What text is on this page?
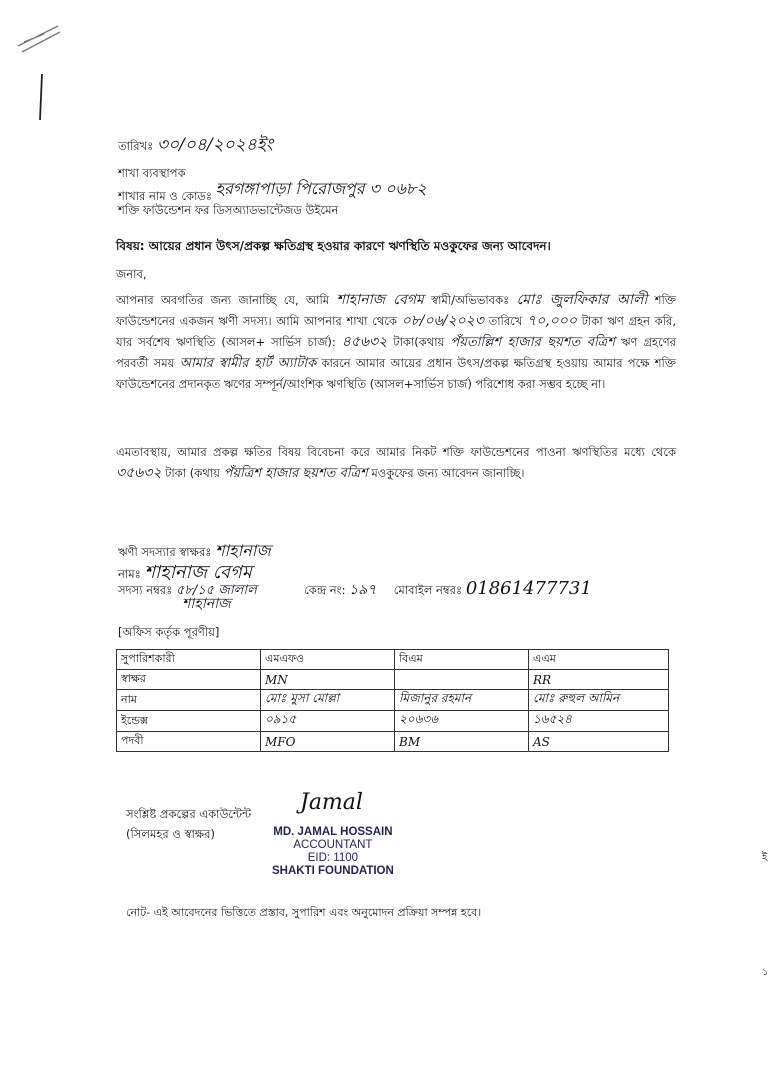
তারিখঃ ৩০/০৪/২০২৪ইং
শাখা ব্যবস্থাপক
শাখার নাম ও কোডঃ হরগঙ্গাপাড়া পিরোজপুর ৩ ০৬৮২
শক্তি ফাউন্ডেশন ফর ডিসঅ্যাডভান্টেজড উইমেন
বিষয়: আয়ের প্রধান উৎস/প্রকল্প ক্ষতিগ্রস্থ হওয়ার কারণে ঋণস্থিতি মওকুফের জন্য আবেদন।
জনাব,
আপনার অবগতির জন্য জানাচ্ছি যে, আমি শাহানাজ বেগম স্বামী/অভিভাবকঃ মোঃ জুলফিকার আলী শক্তি ফাউন্ডেশনের একজন ঋণী সদস্য। আমি আপনার শাখা থেকে ০৮/০৬/২০২৩ তারিখে ৭০,০০০ টাকা ঋণ গ্রহন করি, যার সর্বশেষ ঋণস্থিতি (আসল+ সার্ভিস চার্জ): ৪৫৬৩২ টাকা(কথায় পঁয়তাল্লিশ হাজার ছয়শত বত্রিশ ঋণ গ্রহণের পরবর্তী সময় আমার স্বামীর হার্ট অ্যাটাক কারনে আমার আয়ের প্রধান উৎস/প্রকল্প ক্ষতিগ্রস্থ হওয়ায় আমার পক্ষে শক্তি ফাউন্ডেশনের প্রদানকৃত ঋণের সম্পূর্ন/আংশিক ঋণস্থিতি (আসল+সার্ভিস চার্জ) পরিশোধ করা সম্ভব হচ্ছে না।
এমতাবস্থায়, আমার প্রকল্প ক্ষতির বিষয় বিবেচনা করে আমার নিকট শক্তি ফাউন্ডেশনের পাওনা ঋণস্থিতির মধ্যে থেকে ৩৫৬৩২ টাকা (কথায় পঁয়ত্রিশ হাজার ছয়শত বত্রিশ মওকুফের জন্য আবেদন জানাচ্ছি।
ঋণী সদস্যার স্বাক্ষরঃ শাহানাজ
নামঃ শাহানাজ বেগম
সদস্য নম্বরঃ ৫৮/১৫ জালাল	কেন্দ্র নং: ১৯৭ মোবাইল নম্বরঃ 01861477731
শাহানাজ
[অফিস কর্তৃক পূরণীয়]
সুপারিশকারী	এমএফও	বিএম	এএম
স্বাক্ষর	MN		RR
নাম	মোঃ মুসা মোল্লা	মিজানুর রহমান	মোঃ রুহুল আমিন
ইন্ডেক্স	০৯১৫	২০৬৩৬	১৬৫২৪
পদবী	MFO	BM	AS
সংশ্লিষ্ট প্রকল্পের একাউন্টেন্ট
(সিলমহর ও স্বাক্ষর)
Jamal
MD. JAMAL HOSSAIN
ACCOUNTANT
EID: 1100
SHAKTI FOUNDATION
নোট- এই আবেদনের ভিত্তিতে প্রস্তাব, সুপারিশ এবং অনুমোদন প্রক্রিয়া সম্পন্ন হবে।
ই
১
